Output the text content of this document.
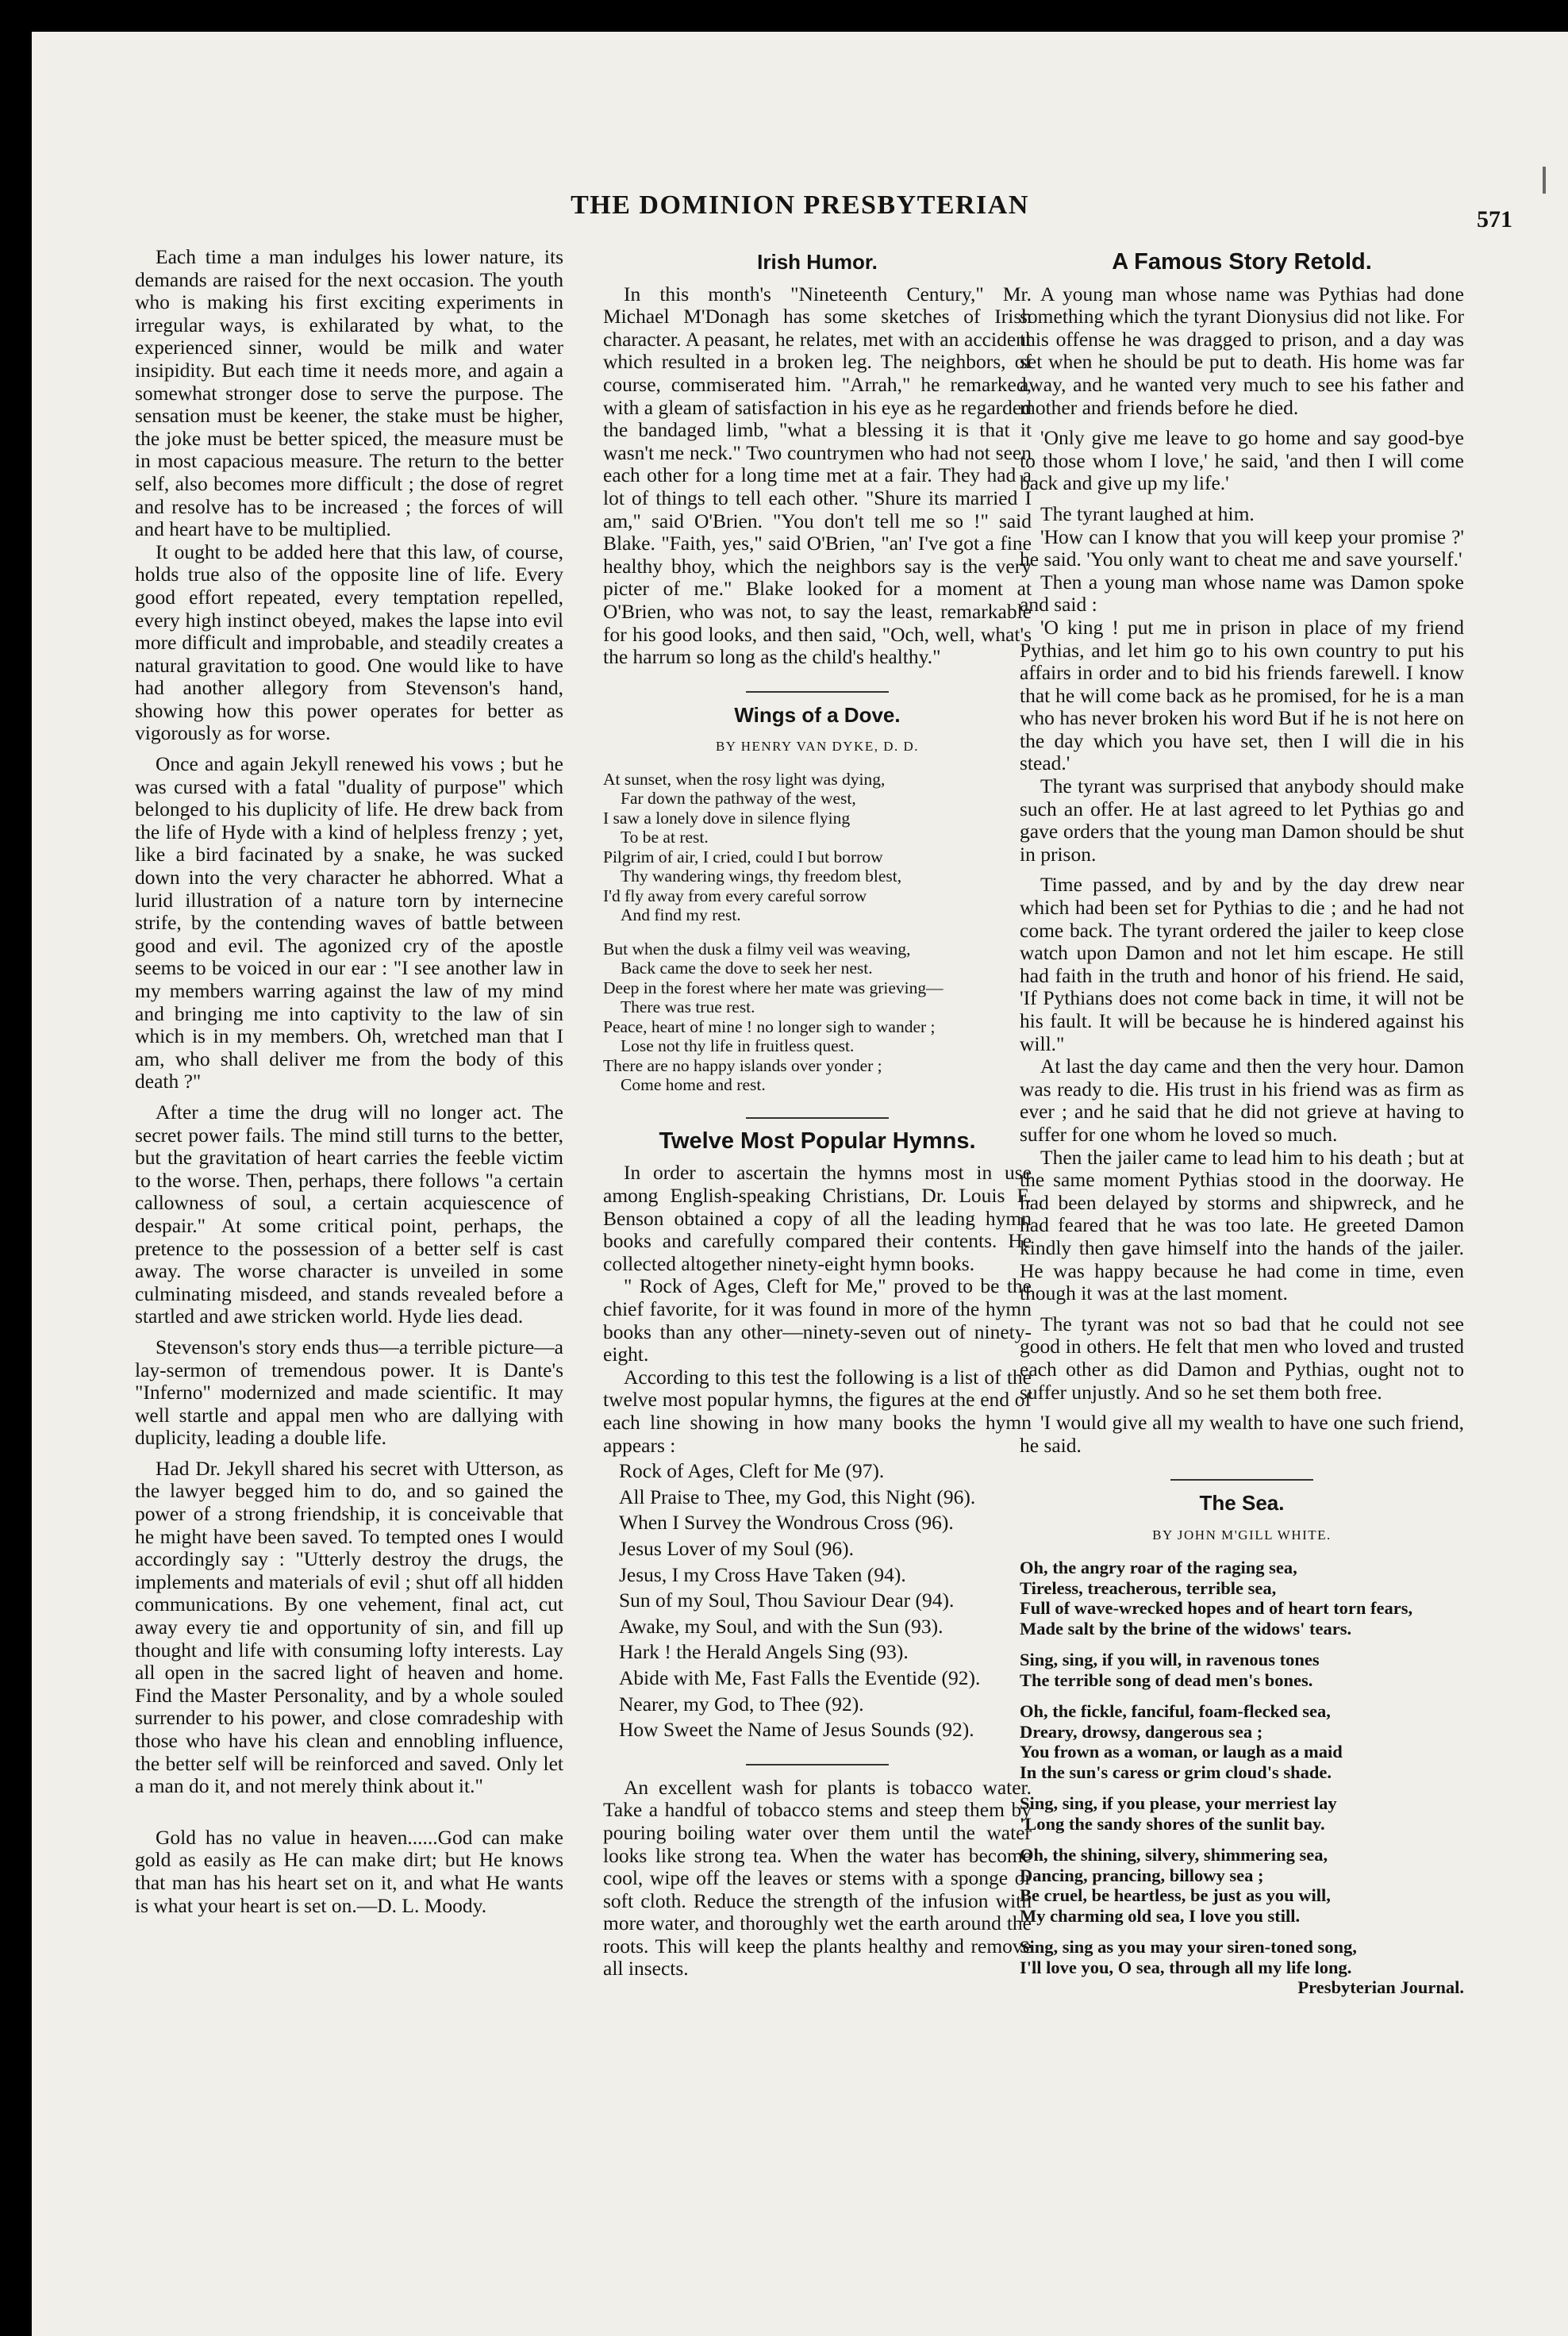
THE DOMINION PRESBYTERIAN	571

Each time a man indulges his lower nature, its demands are raised for the next occasion. The youth who is making his first exciting experiments in irregular ways, is exhilarated by what, to the experienced sinner, would be milk and water insipidity. But each time it needs more, and again a somewhat stronger dose to serve the purpose. The sensation must be keener, the stake must be higher, the joke must be better spiced, the measure must be in most capacious measure. The return to the better self, also becomes more difficult ; the dose of regret and resolve has to be increased ; the forces of will and heart have to be multiplied.

It ought to be added here that this law, of course, holds true also of the opposite line of life. Every good effort repeated, every temptation repelled, every high instinct obeyed, makes the lapse into evil more difficult and improbable, and steadily creates a natural gravitation to good. One would like to have had another allegory from Stevenson's hand, showing how this power operates for better as vigorously as for worse.

Once and again Jekyll renewed his vows ; but he was cursed with a fatal "duality of purpose" which belonged to his duplicity of life. He drew back from the life of Hyde with a kind of helpless frenzy ; yet, like a bird facinated by a snake, he was sucked down into the very character he abhorred. What a lurid illustration of a nature torn by internecine strife, by the contending waves of battle between good and evil. The agonized cry of the apostle seems to be voiced in our ear : "I see another law in my members warring against the law of my mind and bringing me into captivity to the law of sin which is in my members. Oh, wretched man that I am, who shall deliver me from the body of this death ?"

After a time the drug will no longer act. The secret power fails. The mind still turns to the better, but the gravitation of heart carries the feeble victim to the worse. Then, perhaps, there follows "a certain callowness of soul, a certain acquiescence of despair." At some critical point, perhaps, the pretence to the possession of a better self is cast away. The worse character is unveiled in some culminating misdeed, and stands revealed before a startled and awe stricken world. Hyde lies dead.

Stevenson's story ends thus—a terrible picture—a lay-sermon of tremendous power. It is Dante's "Inferno" modernized and made scientific. It may well startle and appal men who are dallying with duplicity, leading a double life.

Had Dr. Jekyll shared his secret with Utterson, as the lawyer begged him to do, and so gained the power of a strong friendship, it is conceivable that he might have been saved. To tempted ones I would accordingly say : "Utterly destroy the drugs, the implements and materials of evil ; shut off all hidden communications. By one vehement, final act, cut away every tie and opportunity of sin, and fill up thought and life with consuming lofty interests. Lay all open in the sacred light of heaven and home. Find the Master Personality, and by a whole souled surrender to his power, and close comradeship with those who have his clean and ennobling influence, the better self will be reinforced and saved. Only let a man do it, and not merely think about it."

Gold has no value in heaven......God can make gold as easily as He can make dirt; but He knows that man has his heart set on it, and what He wants is what your heart is set on.—D. L. Moody.

Irish Humor.

In this month's "Nineteenth Century," Mr. Michael M'Donagh has some sketches of Irish character. A peasant, he relates, met with an accident which resulted in a broken leg. The neighbors, of course, commiserated him. "Arrah," he remarked, with a gleam of satisfaction in his eye as he regarded the bandaged limb, "what a blessing it is that it wasn't me neck." Two countrymen who had not seen each other for a long time met at a fair. They had a lot of things to tell each other. "Shure its married I am," said O'Brien. "You don't tell me so !" said Blake. "Faith, yes," said O'Brien, "an' I've got a fine healthy bhoy, which the neighbors say is the very picter of me." Blake looked for a moment at O'Brien, who was not, to say the least, remarkable for his good looks, and then said, "Och, well, what's the harrum so long as the child's healthy."

Wings of a Dove.
BY HENRY VAN DYKE, D. D.
At sunset, when the rosy light was dying,
Far down the pathway of the west,
I saw a lonely dove in silence flying
To be at rest.
Pilgrim of air, I cried, could I but borrow
Thy wandering wings, thy freedom blest,
I'd fly away from every careful sorrow
And find my rest.
But when the dusk a filmy veil was weaving,
Back came the dove to seek her nest.
Deep in the forest where her mate was grieving—
There was true rest.
Peace, heart of mine ! no longer sigh to wander ;
Lose not thy life in fruitless quest.
There are no happy islands over yonder ;
Come home and rest.
Twelve Most Popular Hymns.

In order to ascertain the hymns most in use among English-speaking Christians, Dr. Louis F. Benson obtained a copy of all the leading hymn books and carefully compared their contents. He collected altogether ninety-eight hymn books.

" Rock of Ages, Cleft for Me," proved to be the chief favorite, for it was found in more of the hymn books than any other—ninety-seven out of ninety-eight.

According to this test the following is a list of the twelve most popular hymns, the figures at the end of each line showing in how many books the hymn appears :

Rock of Ages, Cleft for Me (97).
All Praise to Thee, my God, this Night (96).
When I Survey the Wondrous Cross (96).
Jesus Lover of my Soul (96).
Jesus, I my Cross Have Taken (94).
Sun of my Soul, Thou Saviour Dear (94).
Awake, my Soul, and with the Sun (93).
Hark ! the Herald Angels Sing (93).
Abide with Me, Fast Falls the Eventide (92).
Nearer, my God, to Thee (92).
How Sweet the Name of Jesus Sounds (92).

An excellent wash for plants is tobacco water. Take a handful of tobacco stems and steep them by pouring boiling water over them until the water looks like strong tea. When the water has become cool, wipe off the leaves or stems with a sponge or soft cloth. Reduce the strength of the infusion with more water, and thoroughly wet the earth around the roots. This will keep the plants healthy and remove all insects.

A Famous Story Retold.

A young man whose name was Pythias had done something which the tyrant Dionysius did not like. For this offense he was dragged to prison, and a day was set when he should be put to death. His home was far away, and he wanted very much to see his father and mother and friends before he died.

'Only give me leave to go home and say good-bye to those whom I love,' he said, 'and then I will come back and give up my life.'

The tyrant laughed at him.

'How can I know that you will keep your promise ?' he said. 'You only want to cheat me and save yourself.'

Then a young man whose name was Damon spoke and said :

'O king ! put me in prison in place of my friend Pythias, and let him go to his own country to put his affairs in order and to bid his friends farewell. I know that he will come back as he promised, for he is a man who has never broken his word But if he is not here on the day which you have set, then I will die in his stead.'

The tyrant was surprised that anybody should make such an offer. He at last agreed to let Pythias go and gave orders that the young man Damon should be shut in prison.

Time passed, and by and by the day drew near which had been set for Pythias to die ; and he had not come back. The tyrant ordered the jailer to keep close watch upon Damon and not let him escape. He still had faith in the truth and honor of his friend. He said, 'If Pythians does not come back in time, it will not be his fault. It will be because he is hindered against his will."

At last the day came and then the very hour. Damon was ready to die. His trust in his friend was as firm as ever ; and he said that he did not grieve at having to suffer for one whom he loved so much.

Then the jailer came to lead him to his death ; but at the same moment Pythias stood in the doorway. He had been delayed by storms and shipwreck, and he had feared that he was too late. He greeted Damon kindly then gave himself into the hands of the jailer. He was happy because he had come in time, even though it was at the last moment.

The tyrant was not so bad that he could not see good in others. He felt that men who loved and trusted each other as did Damon and Pythias, ought not to suffer unjustly. And so he set them both free.

'I would give all my wealth to have one such friend, he said.

The Sea.
BY JOHN M'GILL WHITE.
Oh, the angry roar of the raging sea,
Tireless, treacherous, terrible sea,
Full of wave-wrecked hopes and of heart torn fears,
Made salt by the brine of the widows' tears.
Sing, sing, if you will, in ravenous tones
The terrible song of dead men's bones.
Oh, the fickle, fanciful, foam-flecked sea,
Dreary, drowsy, dangerous sea ;
You frown as a woman, or laugh as a maid
In the sun's caress or grim cloud's shade.
Sing, sing, if you please, your merriest lay
'Long the sandy shores of the sunlit bay.
Oh, the shining, silvery, shimmering sea,
Dancing, prancing, billowy sea ;
Be cruel, be heartless, be just as you will,
My charming old sea, I love you still.
Sing, sing as you may your siren-toned song,
I'll love you, O sea, through all my life long.
Presbyterian Journal.
